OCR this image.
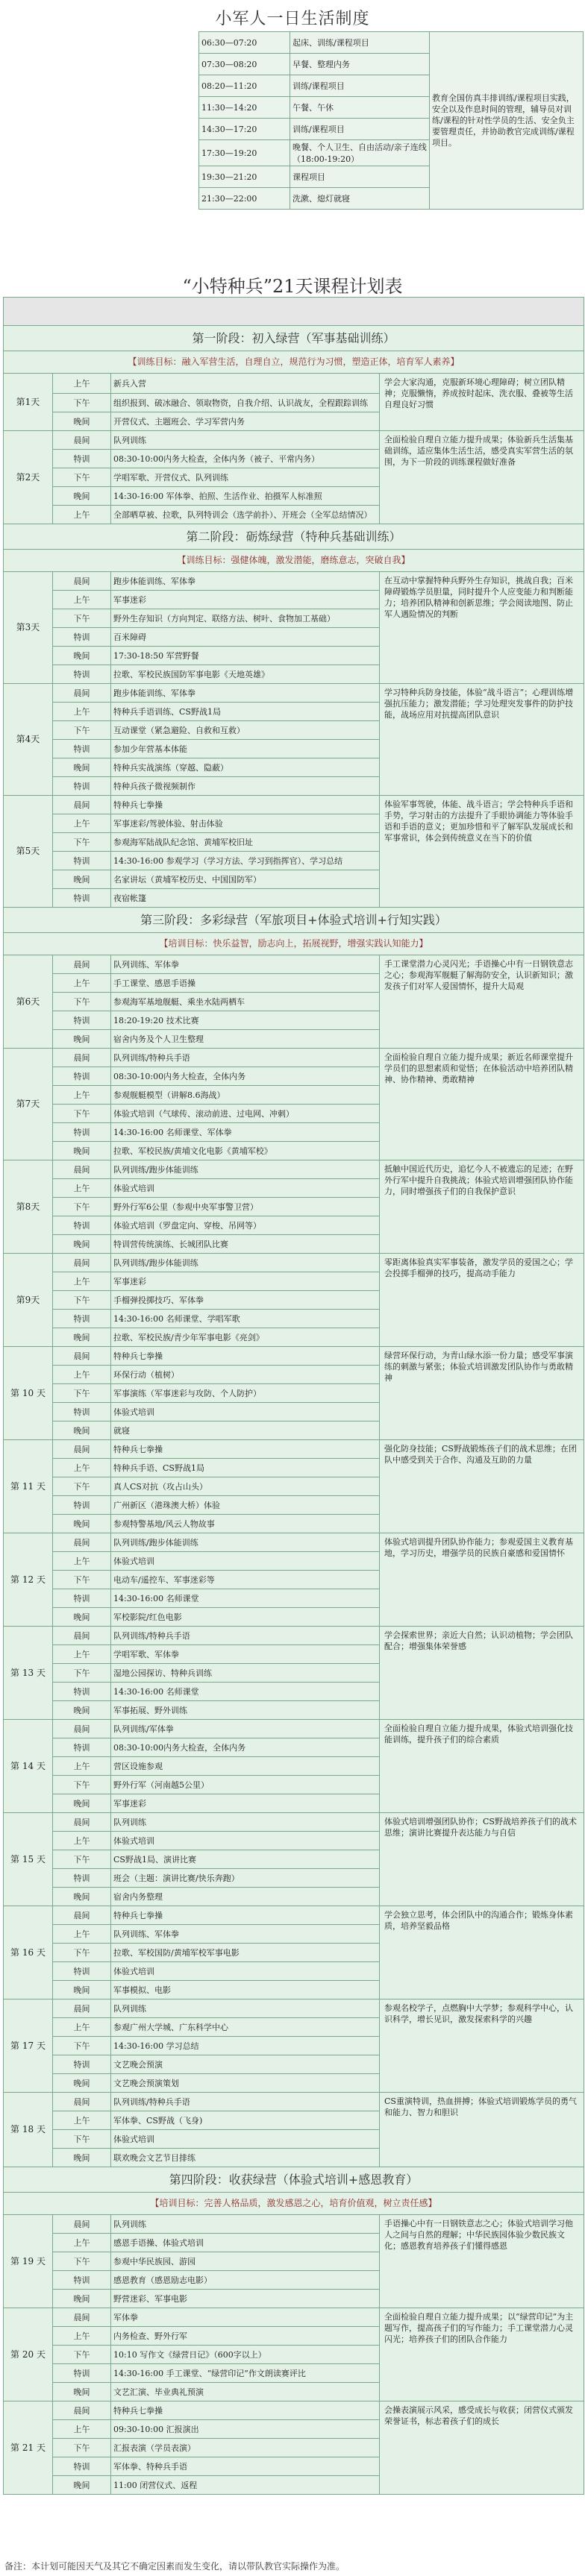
小军人一日生活制度
06:30—07:20	起床、训练/课程项目	教育全国仿真丰排训练/课程项目实践，安全以及作息时间的管理，辅导员对训练/课程的针对性学员的生活、安全负主要管理责任，并协助教官完成训练/课程项目。
07:30—08:20	早餐、整理内务	
08:20—11:20	训练/课程项目	
11:30—14:20	午餐、午休	
14:30—17:20	训练/课程项目	
17:30—19:20	晚餐、个人卫生、自由活动/亲子连线（18:00-19:20）	
19:30—21:20	课程项目	
21:30—22:00	洗漱、熄灯就寝	
“小特种兵”21天课程计划表

第一阶段：初入绿营（军事基础训练）			
【训练目标：融入军营生活，自理自立，规范行为习惯，塑造正体，培育军人素养】			
第1天	上午	新兵入营	学会大家沟通，克服新环境心理障碍；树立团队精神；克服懒惰，养成按时起床、洗衣服、叠被等生活自理良好习惯
	下午	组织报到、破冰融合、领取物资，自我介绍、认识战友，全程跟踪训练	
	晚间	开营仪式、主题班会、学习军营内务	
第2天	晨间	队列训练	全面检验自理自立能力提升成果；体验新兵生活集基础训练，适应集体生活生活，感受真实军营生活的氛围，为下一阶段的训练课程做好准备
	特训	08:30-10:00内务大检查，全体内务（被子、平常内务）	
	下午	学唱军歌、开营仪式、队列训练	
	晚间	14:30-16:00 军体拳、拍照、生活作业、拍摄军人标准照	
	上午	全部晒草被、拉歌，队列特训会（选学前扑）、开班会（全军总结情况）	
第二阶段：砺炼绿营（特种兵基础训练）			
【训练目标：强健体魄，激发潜能，磨练意志，突破自我】			
第3天	晨间	跑步体能训练、军体拳	在互动中掌握特种兵野外生存知识，挑战自我；百米障碍锻炼学员胆量，同时提升个人应变能力和判断能力；培养团队精神和创新思维；学会阅读地图、防止军人遇险情况的判断
	上午	军事迷彩	
	下午	野外生存知识（方向判定、联络方法、树叶、食物加工基础）	
	特训	百米障碍	
	晚间	17:30-18:50 军营野餐	
	特训	拉歌、军校民族国防军事电影《天地英雄》	
第4天	晨间	跑步体能训练、军体拳	学习特种兵防身技能，体验“战斗语言”；心理训练增强抗压能力；激发潜能；学习处理突发事件的防护技能，战场应用对抗提高团队意识
	上午	特种兵手语训练、CS野战1局	
	下午	互动课堂（紧急避险、自救和互救）	
	特训	参加少年营基本体能	
	晚间	特种兵实战演练（穿越、隐蔽）	
	特训	特种兵孩子微视频制作	
第5天	晨间	特种兵七拳操	体验军事驾驶，体能、战斗语言；学会特种兵手语和手势，学习射击的方法提升了手眼协调能力等体验手语和手语的意义；更加珍惜和平了解军队发展成长和军事常识，体会到传统意义在当下的价值
	上午	军事迷彩/驾驶体验、射击体验	
	下午	参观海军陆战队纪念馆、黄埔军校旧址	
	特训	14:30-16:00 参观学习（学习方法、学习到指挥官）、学习总结	
	晚间	名家讲坛（黄埔军校历史、中国国防军）	
	特训	夜宿帐篷	
第三阶段：多彩绿营（军旅项目+体验式培训+行知实践）			
【培训目标：快乐益智，励志向上，拓展视野，增强实践认知能力】			
第6天	晨间	队列训练、军体拳	手工课堂潜力心灵闪光；手语操心中有一日钢铁意志之心；参观海军舰艇了解海防安全，认识新知识；激发孩子们对军人爱国情怀，提升大局观
	上午	手工课堂、感恩手语操	
	下午	参观海军基地舰艇、乘坐水陆两栖车	
	特训	18:20-19:20 技术比赛	
	晚间	宿舍内务及个人卫生整理	
第7天	晨间	队列训练/特种兵手语	全面检验自理自立能力提升成果；新近名师课堂提升学员们的思想素质和觉悟；在体验活动中培养团队精神、协作精神、勇敢精神
	特训	08:30-10:00内务大检查，全体内务	
	上午	参观舰艇模型（讲解8.6海战）	
	下午	体验式培训（气球传、滚动前进、过电网、冲刺）	
	特训	14:30-16:00 名师课堂、军体拳	
	晚间	拉歌、军校民族/黄埔文化电影《黄埔军校》	
第8天	晨间	队列训练/跑步体能训练	抵触中国近代历史，追忆今人不被遗忘的足迹；在野外行军中提升自我挑战；体验式培训增强团队协作能力，同时增强孩子们的自我保护意识
	上午	体验式培训	
	下午	野外行军6公里（参观中央军事警卫营）	
	特训	体验式培训（罗盘定向、穿梭、吊网等）	
	晚间	特训营传统演练、长城团队比赛	
第9天	晨间	队列训练/跑步体能训练	零距离体验真实军事装备，激发学员的爱国之心；学会投掷手榴弹的技巧，提高动手能力
	上午	军事迷彩	
	下午	手榴弹投掷技巧、军体拳	
	特训	14:30-16:00 名师课堂、学唱军歌	
	晚间	拉歌、军校民族/青少年军事电影《亮剑》	
第 10 天	晨间	特种兵七拳操	绿营环保行动，为青山绿水添一份力量；感受军事演练的刺激与紧张；体验式培训激发团队协作与勇敢精神
	上午	环保行动（植树）	
	下午	军事演练（军事迷彩与攻防、个人防护）	
	特训	体验式培训	
	晚间	就寝	
第 11 天	晨间	特种兵七拳操	强化防身技能；CS野战锻炼孩子们的战术思维；在团队中感受到关于合作、沟通及互助的力量
	上午	特种兵手语、CS野战1局	
	下午	真人CS对抗（攻占山头）	
	特训	广州新区（港珠澳大桥）体验	
	晚间	参观特警基地/风云人物故事	
第 12 天	晨间	队列训练/跑步体能训练	体验式培训提升团队协作能力；参观爱国主义教育基地，学习历史，增强学员的民族自豪感和爱国情怀
	上午	体验式培训	
	下午	电动车/遥控车、军事迷彩等	
	特训	14:30-16:00 名师课堂	
	晚间	军校影院/红色电影	
第 13 天	晨间	队列训练/特种兵手语	学会探索世界；亲近大自然；认识动植物；学会团队配合；增强集体荣誉感
	上午	学唱军歌、军体拳	
	下午	湿地公园探访、特种兵训练	
	特训	14:30-16:00 名师课堂	
	晚间	军事拓展、野外训练	
第 14 天	晨间	队列训练/军体拳	全面检验自理自立能力提升成果，体验式培训强化技能训练，提升孩子们的综合素质
	特训	08:30-10:00内务大检查，全体内务	
	上午	营区设施参观	
	下午	野外行军（河南越5公里）	
	晚间	军事迷彩	
第 15 天	晨间	队列训练	体验式培训增强团队协作；CS野战培养孩子们的战术思维；演讲比赛提升表达能力与自信
	上午	体验式培训	
	下午	CS野战1局、演讲比赛	
	特训	班会（主题：演讲比赛/快乐奔跑）	
	晚间	宿舍内务整理	
第 16 天	晨间	特种兵七拳操	学会独立思考，体会团队中的沟通合作；锻炼身体素质，培养坚毅品格
	上午	队列训练、军体拳	
	下午	拉歌、军校国防/黄埔军校军事电影	
	特训	体验式培训	
	晚间	军事模拟、电影	
第 17 天	晨间	队列训练	参观名校学子，点燃胸中大学梦；参观科学中心，认识科学，增长见识，激发探索科学的兴趣
	上午	参观广州大学城、广东科学中心	
	下午	14:30-16:00 学习总结	
	特训	文艺晚会预演	
	晚间	文艺晚会预演策划	
第 18 天	晨间	队列训练/特种兵手语	CS重演特训，热血拼搏；体验式培训锻炼学员的勇气和能力、智力和胆识
	上午	军体拳、CS野战（飞身)	
	下午	体验式培训	
	晚间	联欢晚会文艺节目排练	
第四阶段：收获绿营（体验式培训+感恩教育）			
【培训目标：完善人格品质，激发感恩之心，培育价值观，树立责任感】			
第 19 天	晨间	队列训练	手语操心中有一日钢铁意志之心；体验式培训学习他人之间与自然的理解；中华民族园体验少数民族文化；感恩教育培养孩子们懂得感恩
	上午	感恩手语操、体验式培训	
	下午	参观中华民族园、游园	
	特训	感恩教育（感恩励志电影）	
	晚间	野营迷彩、军事电影	
第 20 天	晨间	军体拳	全面检验自理自立能力提升成果；以“绿营印记”为主题写作，提高孩子们的写作能力；手工课堂潜力心灵闪光；培养孩子们的团队合作能力
	上午	内务检查、野外行军	
	下午	10:10 写作文《绿营日记》（600字以上）	
	特训	14:30-16:00 手工课堂、“绿营印记”作文朗读赛评比	
	晚间	文艺汇演、毕业典礼预演	
第 21 天	晨间	特种兵七拳操	会操表演展示风采，感受成长与收获；闭营仪式颁发荣誉证书，标志着孩子们的成长
	上午	09:30-10:00 汇报演出	
	下午	汇报表演（学员表演）	
	特训	军体拳、特种兵手语	
	晚间	11:00 闭营仪式、返程	
备注：本计划可能因天气及其它不确定因素而发生变化，请以带队教官实际操作为准。
